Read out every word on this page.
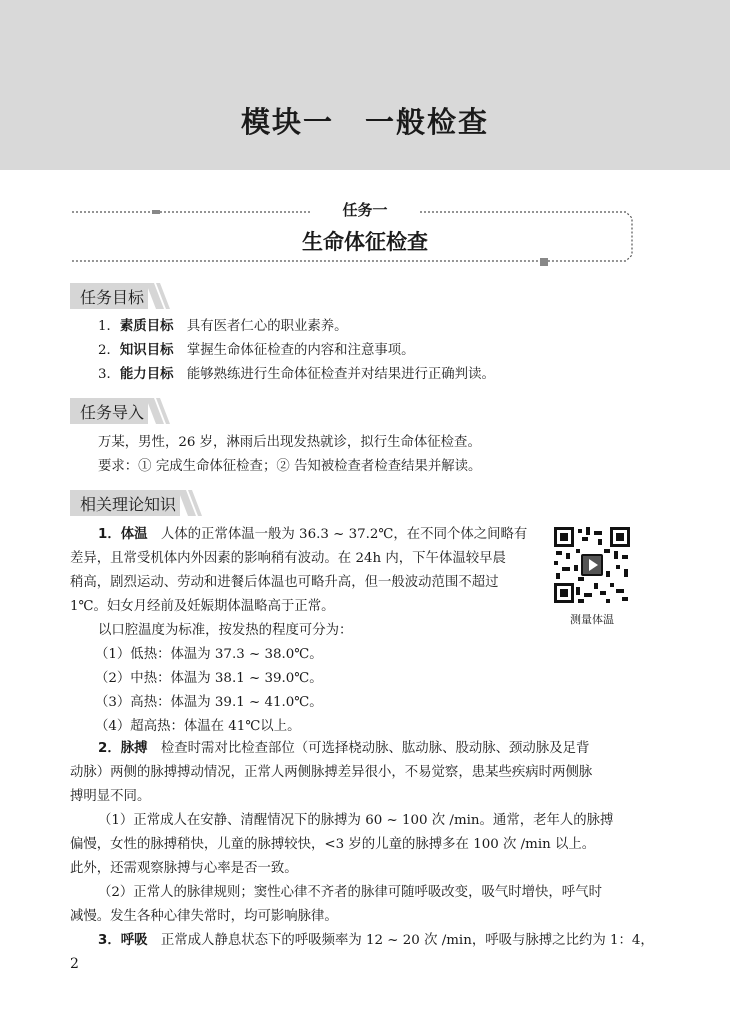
模块一　一般检查
任务一
生命体征检查
任务目标
1．素质目标　 具有医者仁心的职业素养。
2．知识目标　 掌握生命体征检查的内容和注意事项。
3．能力目标　 能够熟练进行生命体征检查并对结果进行正确判读。
任务导入
万某，男性，26 岁，淋雨后出现发热就诊，拟行生命体征检查。
要求：① 完成生命体征检查；② 告知被检查者检查结果并解读。
相关理论知识
1．体温　 人体的正常体温一般为 36.3 ~ 37.2℃，在不同个体之间略有
差异，且常受机体内外因素的影响稍有波动。在 24h 内，下午体温较早晨
稍高，剧烈运动、劳动和进餐后体温也可略升高，但一般波动范围不超过
1℃。妇女月经前及妊娠期体温略高于正常。
以口腔温度为标准，按发热的程度可分为：
（1）低热：体温为 37.3 ~ 38.0℃。
（2）中热：体温为 38.1 ~ 39.0℃。
（3）高热：体温为 39.1 ~ 41.0℃。
（4）超高热：体温在 41℃以上。
测量体温
2．脉搏　 检查时需对比检查部位（可选择桡动脉、肱动脉、股动脉、颈动脉及足背
动脉）两侧的脉搏搏动情况，正常人两侧脉搏差异很小，不易觉察，患某些疾病时两侧脉
搏明显不同。
（1）正常成人在安静、清醒情况下的脉搏为 60 ~ 100 次 /min。通常，老年人的脉搏
偏慢，女性的脉搏稍快，儿童的脉搏较快，<3 岁的儿童的脉搏多在 100 次 /min 以上。
此外，还需观察脉搏与心率是否一致。
（2）正常人的脉律规则；窦性心律不齐者的脉律可随呼吸改变，吸气时增快，呼气时
减慢。发生各种心律失常时，均可影响脉律。
3．呼吸　 正常成人静息状态下的呼吸频率为 12 ~ 20 次 /min，呼吸与脉搏之比约为 1：4，
2
